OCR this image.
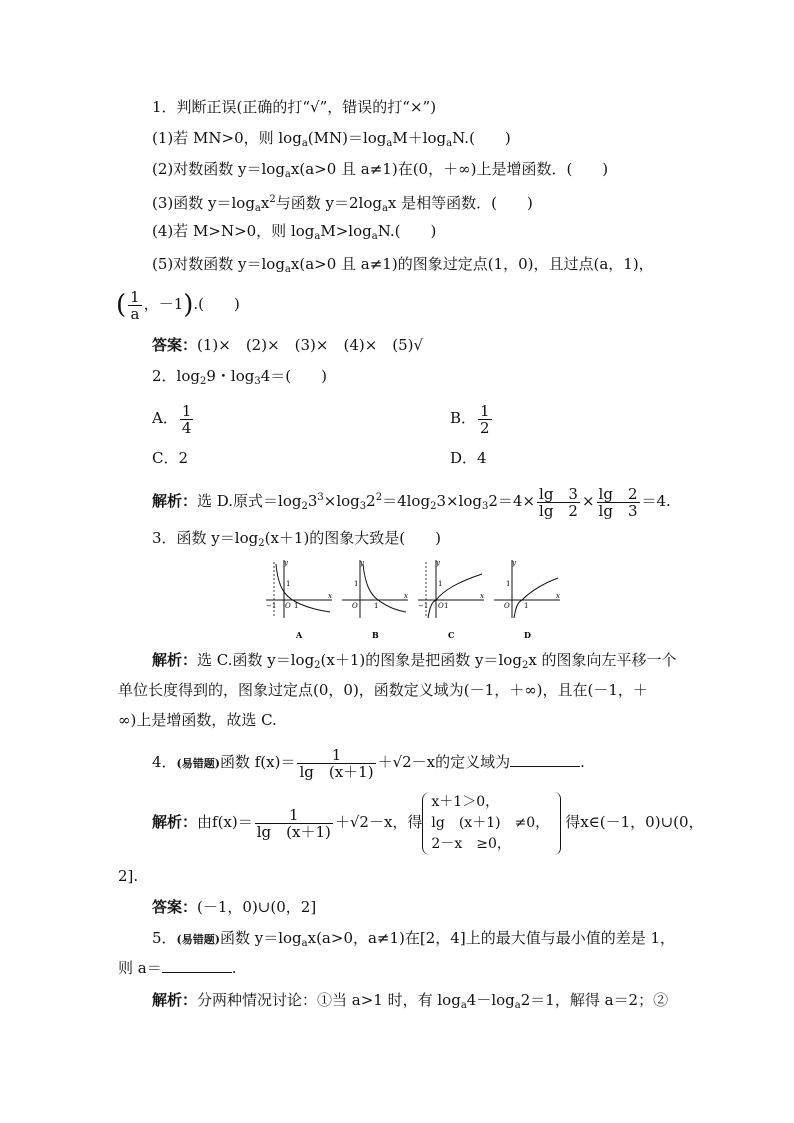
1．判断正误(正确的打“√”，错误的打“×”)
(1)若 MN>0，则 $\log_a(MN)=\log_aM+\log_aN$.(　　)
(2)对数函数 $y=\log_ax(a>0$ 且 a≠1)在(0，＋∞)上是增函数．(　　)
(3)函数 $y=\log_ax^2$与函数 $y=2\log_ax$ 是相等函数．(　　)
(4)若 M>N>0，则 $\log_aM>\log_aN$.(　　)
(5)对数函数 $y=\log_ax(a>0$ 且 a≠1)的图象过定点(1，0)，且过点(a，1)，
( $\frac{1}{a}$ ，－1).(　　)
答案：(1)×　(2)×　(3)×　(4)×　(5)√
2．$\log_29$・$\log_34=$(　　)
A． $\frac{1}{4}$	B． $\frac{1}{2}$
C．2	D．4
解析：选 D.原式$=\log_23^3\times\log_32^2=4\log_23\times\log_32=4\times \frac{\lg 3}{\lg 2} \times \frac{\lg 2}{\lg 3} =4$.
3．函数 $y=\log_2(x+1)$的图象大致是(　　)
y
x
1
−1 O 1
A
y
x
1
O 1
B
y
x
1
−1 O 1
C
y
x
1
O 1
D
解析：选 C.函数 $y=\log_2(x+1)$的图象是把函数 $y=\log_2x$ 的图象向左平移一个
单位长度得到的，图象过定点(0，0)，函数定义域为(－1，＋∞)，且在(－1，＋
∞)上是增函数，故选 C.
4．(易错题)函数 $f(x)= \frac{1}{\lg (x+1)} +√2-x$的定义域为	.
解析：由$f(x)= \frac{1}{\lg (x+1)} +√2-x$，得
x＋1＞0，
lg　(x＋1)　≠0，
2－x　≥0，
得x∈(－1，0)∪(0，
2].
答案：(－1，0)∪(0，2]
5．(易错题)函数 $y=\log_ax(a>0$，a≠1)在[2，4]上的最大值与最小值的差是 1，
则 a＝	.
解析：分两种情况讨论：①当 a>1 时，有 $\log_a4-\log_a2=1$，解得 a＝2；②
